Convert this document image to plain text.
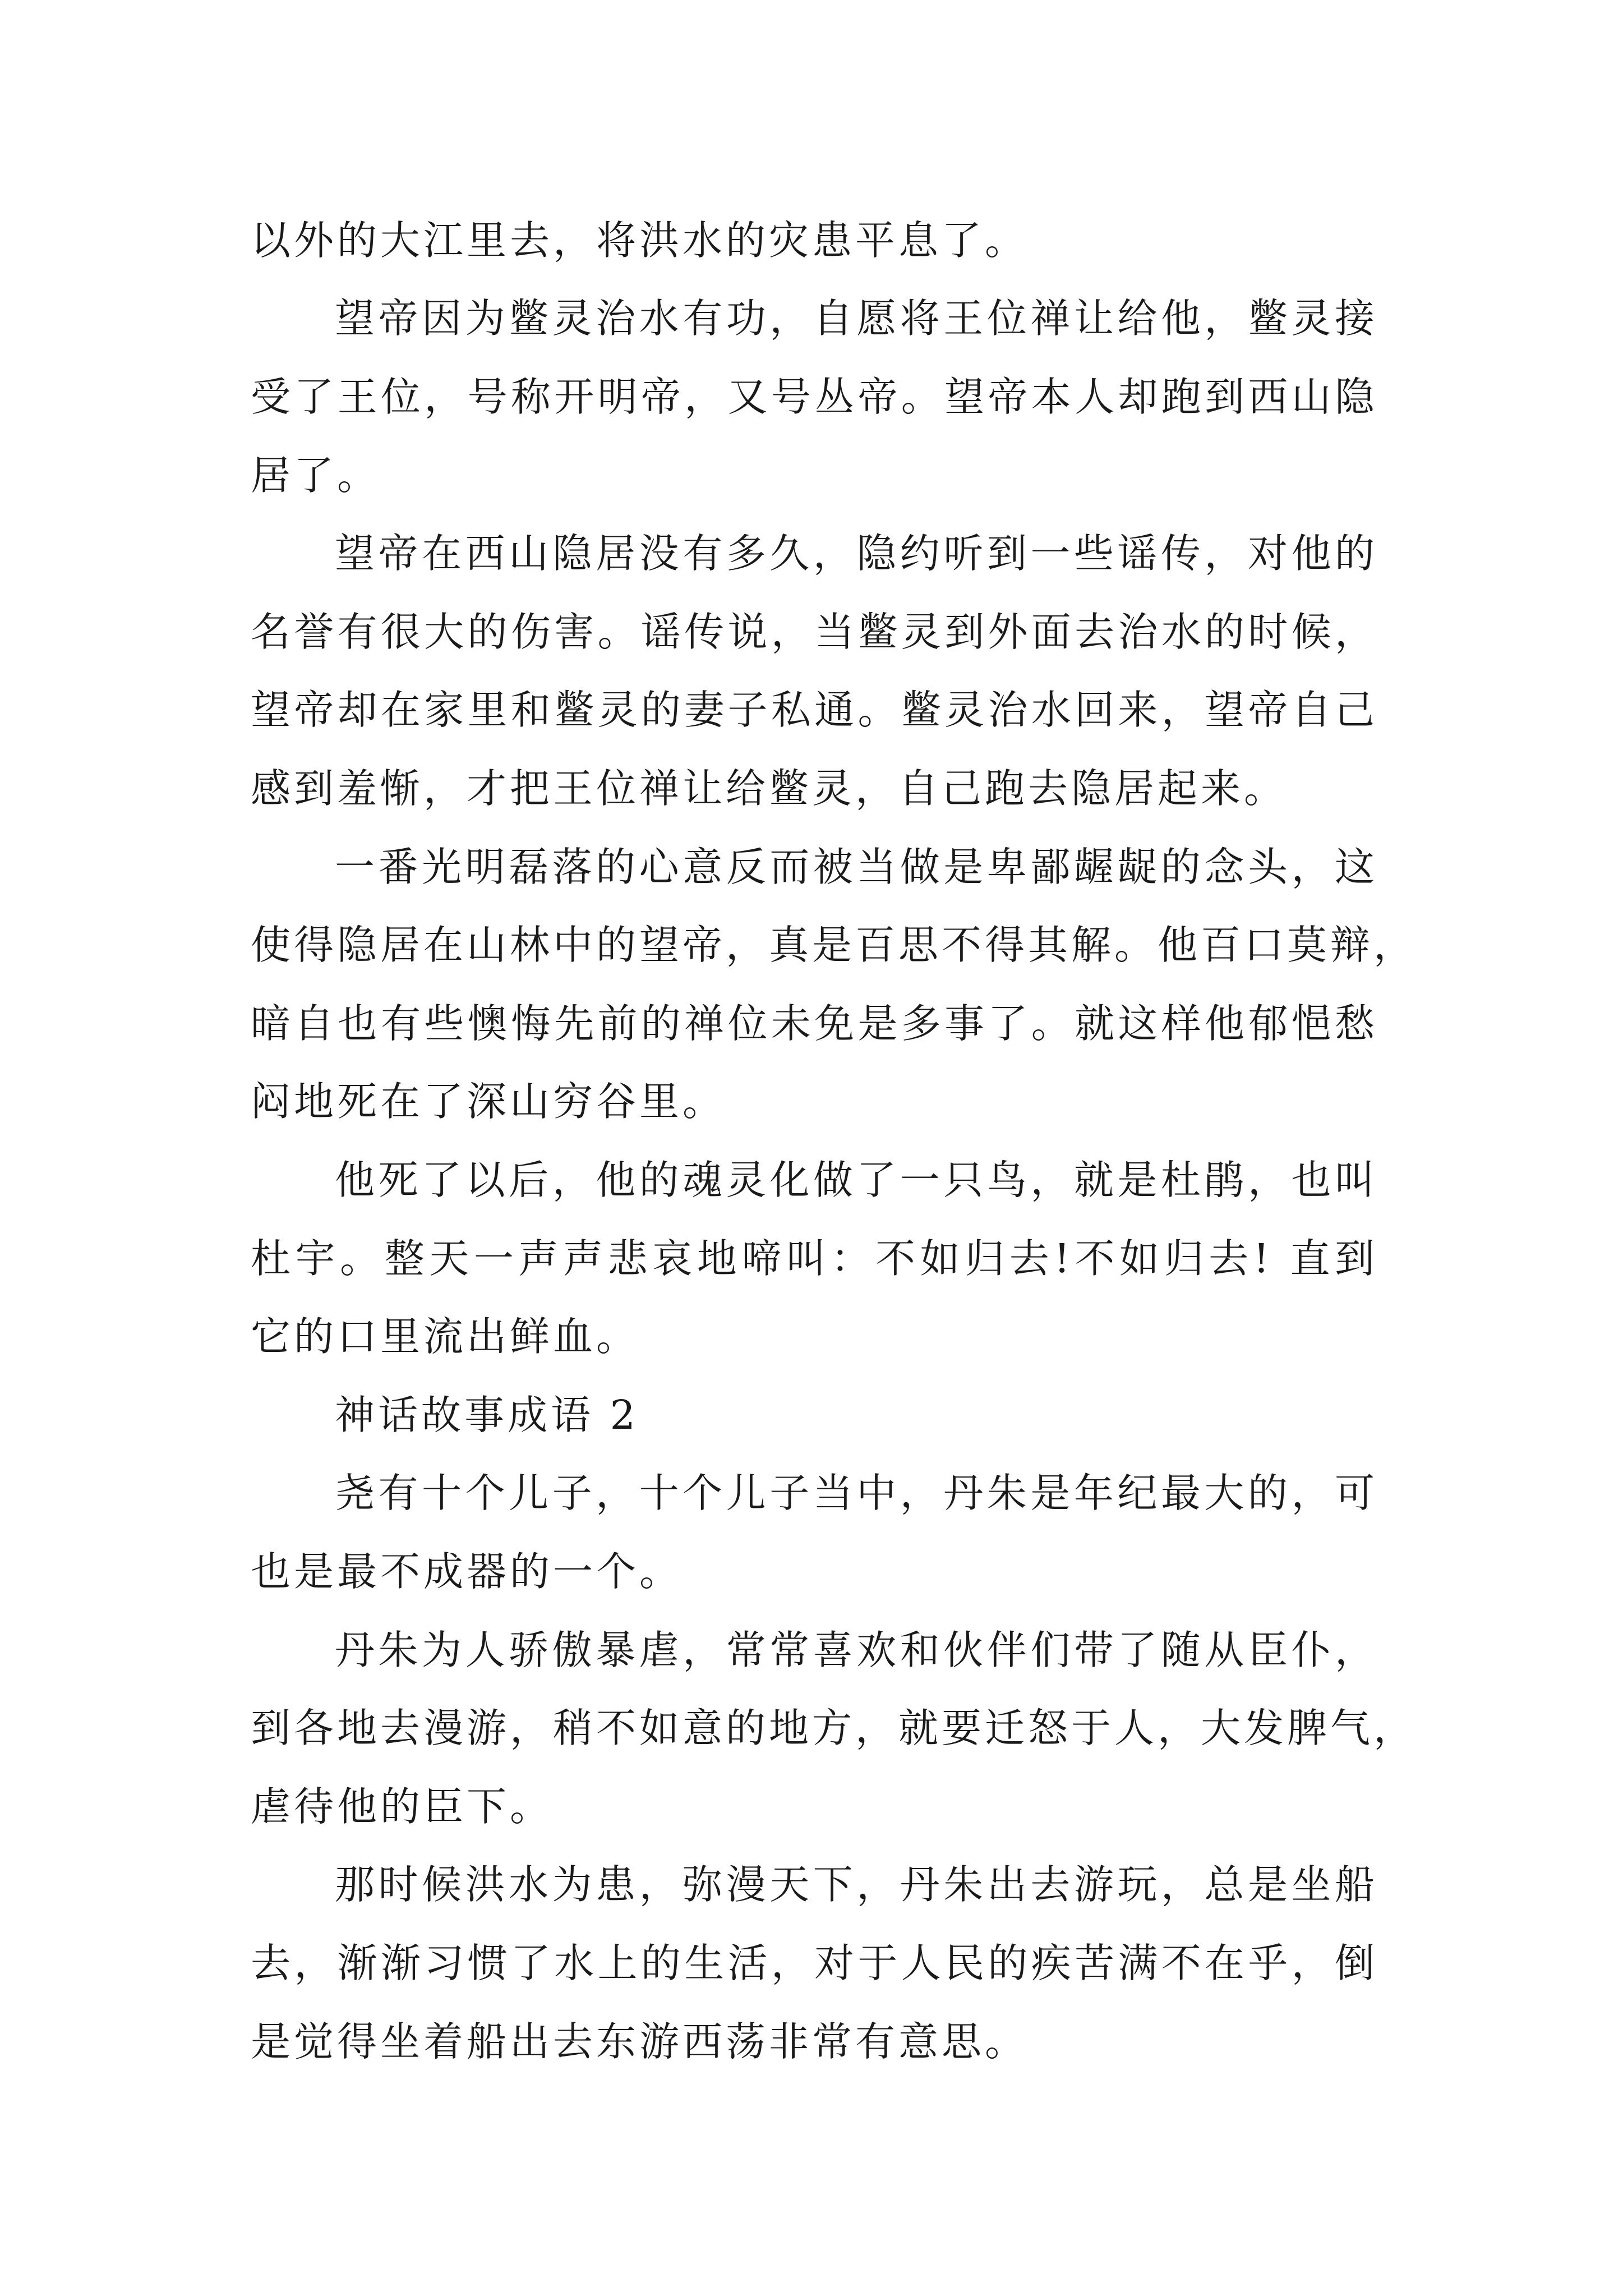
以外的大江里去，将洪水的灾患平息了。
望帝因为鳖灵治水有功，自愿将王位禅让给他，鳖灵接
受了王位，号称开明帝，又号丛帝。望帝本人却跑到西山隐
居了。
望帝在西山隐居没有多久，隐约听到一些谣传，对他的
名誉有很大的伤害。谣传说，当鳖灵到外面去治水的时候，
望帝却在家里和鳖灵的妻子私通。鳖灵治水回来，望帝自己
感到羞惭，才把王位禅让给鳖灵，自己跑去隐居起来。
一番光明磊落的心意反而被当做是卑鄙龌龊的念头，这
使得隐居在山林中的望帝，真是百思不得其解。他百口莫辩，
暗自也有些懊悔先前的禅位未免是多事了。就这样他郁悒愁
闷地死在了深山穷谷里。
他死了以后，他的魂灵化做了一只鸟，就是杜鹃，也叫
杜宇。整天一声声悲哀地啼叫：不如归去!不如归去! 直到
它的口里流出鲜血。
神话故事成语 2
尧有十个儿子，十个儿子当中，丹朱是年纪最大的，可
也是最不成器的一个。
丹朱为人骄傲暴虐，常常喜欢和伙伴们带了随从臣仆，
到各地去漫游，稍不如意的地方，就要迁怒于人，大发脾气，
虐待他的臣下。
那时候洪水为患，弥漫天下，丹朱出去游玩，总是坐船
去，渐渐习惯了水上的生活，对于人民的疾苦满不在乎，倒
是觉得坐着船出去东游西荡非常有意思。
